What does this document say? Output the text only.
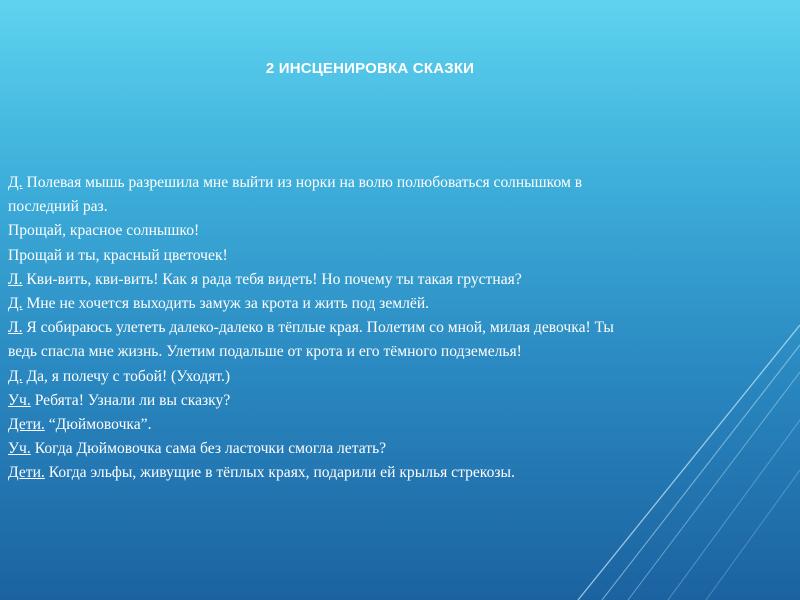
2 ИНСЦЕНИРОВКА СКАЗКИ
Д. Полевая мышь разрешила мне выйти из норки на волю полюбоваться солнышком в
последний раз.
Прощай, красное солнышко!
Прощай и ты, красный цветочек!
Л. Кви-вить, кви-вить! Как я рада тебя видеть! Но почему ты такая грустная?
Д. Мне не хочется выходить замуж за крота и жить под землёй.
Л. Я собираюсь улететь далеко-далеко в тёплые края. Полетим со мной, милая девочка! Ты
ведь спасла мне жизнь. Улетим подальше от крота и его тёмного подземелья!
Д. Да, я полечу с тобой! (Уходят.)
Уч. Ребята! Узнали ли вы сказку?
Дети. “Дюймовочка”.
Уч. Когда Дюймовочка сама без ласточки смогла летать?
Дети. Когда эльфы, живущие в тёплых краях, подарили ей крылья стрекозы.
